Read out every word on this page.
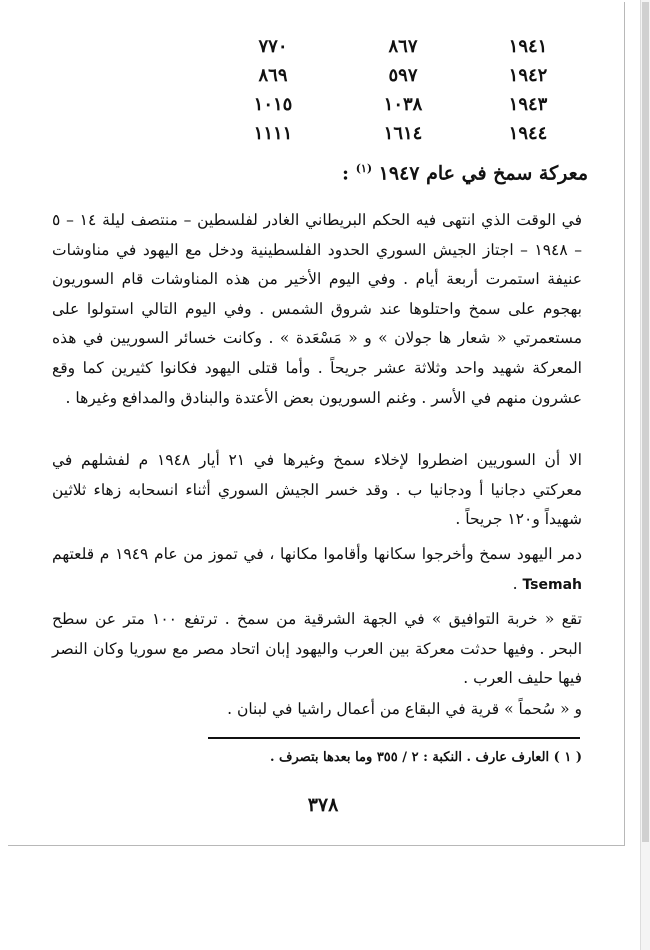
١٩٤١
٨٦٧
٧٧٠
١٩٤٢
٥٩٧
٨٦٩
١٩٤٣
١٠٣٨
١٠١٥
١٩٤٤
١٦١٤
١١١١
معركة سمخ في عام ١٩٤٧ $^{(١)}$ :

في الوقت الذي انتهى فيه الحكم البريطاني الغادر لفلسطين – منتصف ليلة ١٤ – ٥ – ١٩٤٨ – اجتاز الجيش السوري الحدود الفلسطينية ودخل مع اليهود في مناوشات عنيفة استمرت أربعة أيام . وفي اليوم الأخير من هذه المناوشات قام السوريون بهجوم على سمخ واحتلوها عند شروق الشمس . وفي اليوم التالي استولوا على مستعمرتي « شعار ها جولان » و « مَسْعَدة » . وكانت خسائر السوريين في هذه المعركة شهيد واحد وثلاثة عشر جريحاً . وأما قتلى اليهود فكانوا كثيرين كما وقع عشرون منهم في الأسر . وغنم السوريون بعض الأعتدة والبنادق والمدافع وغيرها .

الا أن السوريين اضطروا لإخلاء سمخ وغيرها في ٢١ أيار ١٩٤٨ م لفشلهم في معركتي دجانيا أ ودجانيا ب . وقد خسر الجيش السوري أثناء انسحابه زهاء ثلاثين شهيداً و١٢٠ جريحاً .

دمر اليهود سمخ وأخرجوا سكانها وأقاموا مكانها ، في تموز من عام ١٩٤٩ م قلعتهم Tsemah .

تقع « خربة التوافيق » في الجهة الشرقية من سمخ . ترتفع ١٠٠ متر عن سطح البحر . وفيها حدثت معركة بين العرب واليهود إبان اتحاد مصر مع سوريا وكان النصر فيها حليف العرب .

و « سُحماً » قرية في البقاع من أعمال راشيا في لبنان .

( ١ ) العارف عارف . النكبة : ٢ / ٣٥٥ وما بعدها بتصرف .
٣٧٨
